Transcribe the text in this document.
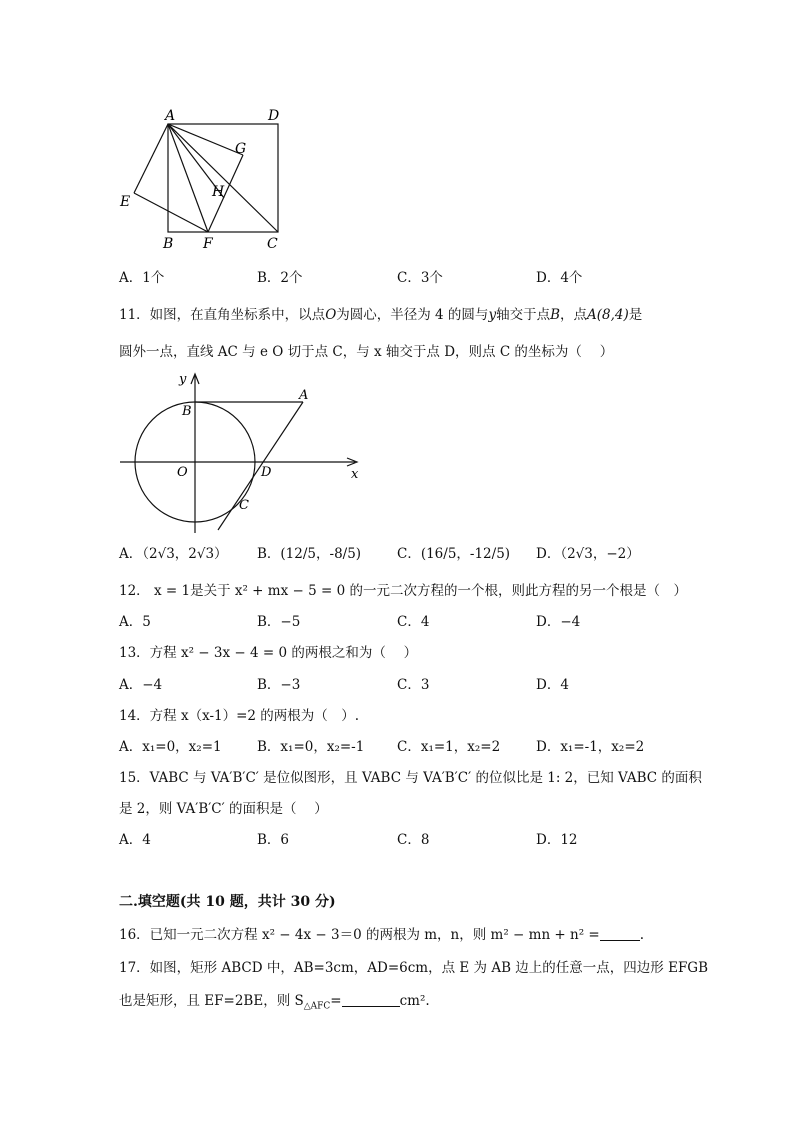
A	D
G
H
E
B F	C
A．1个	B．2个	C．3个	D．4个
11．如图，在直角坐标系中，以点O为圆心，半径为 4 的圆与y轴交于点B，点A(8,4)是
圆外一点，直线 AC 与 e O 切于点 C，与 x 轴交于点 D，则点 C 的坐标为（　 ）
y
x
B
A
O	D
C
A．（2√3，2√3） B．(12/5，-8/5)	C．(16/5，-12/5) D．（2√3，−2）
12． x = 1是关于 x² + mx − 5 = 0 的一元二次方程的一个根，则此方程的另一个根是（　）
A．5	B．−5	C．4	D．−4
13．方程 x² − 3x − 4 = 0 的两根之和为（　 ）
A．−4	B．−3	C．3	D．4
14．方程 x（x-1）=2 的两根为（　）.
A．x₁=0，x₂=1	B．x₁=0，x₂=-1 C．x₁=1，x₂=2	D．x₁=-1，x₂=2
15．VABC 与 VA′B′C′ 是位似图形，且 VABC 与 VA′B′C′ 的位似比是 1: 2，已知 VABC 的面积
是 2，则 VA′B′C′ 的面积是（　 ）
A．4	B．6	C．8	D．12
二.填空题(共 10 题，共计 30 分)
16．已知一元二次方程 x² − 4x − 3＝0 的两根为 m，n，则 m² − mn + n² =	.
17．如图，矩形 ABCD 中，AB=3cm，AD=6cm，点 E 为 AB 边上的任意一点，四边形 EFGB
也是矩形，且 EF=2BE，则 $S_{\triangle AFC}=$	cm².
